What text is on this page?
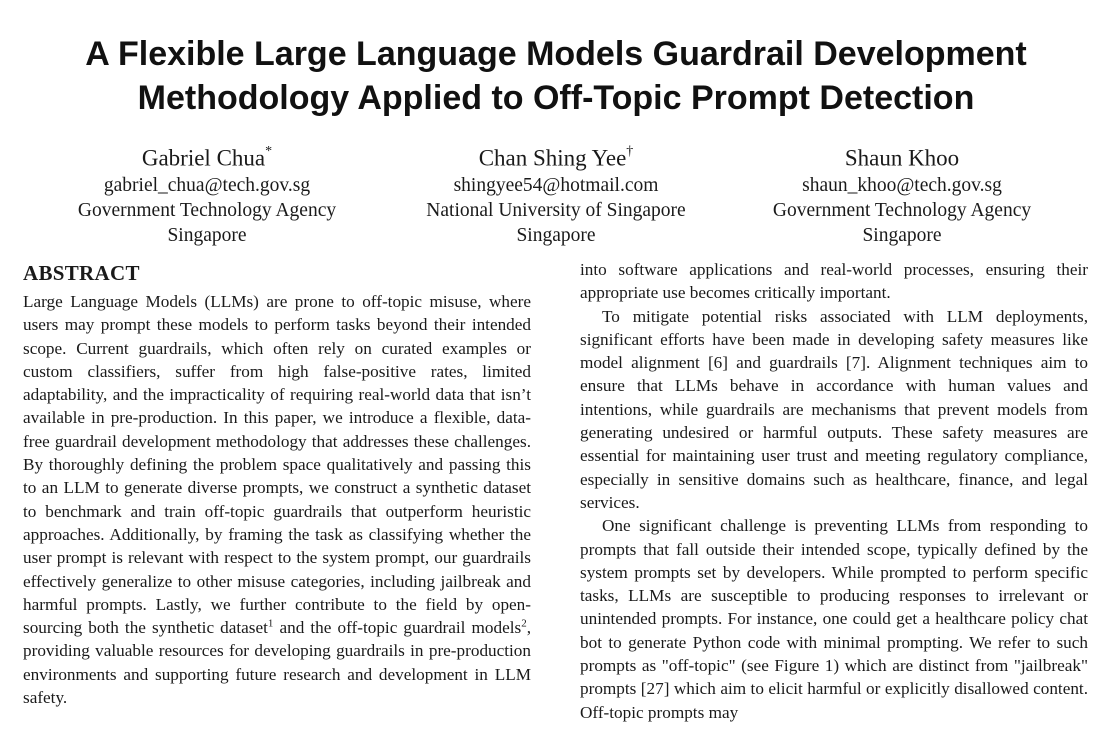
A Flexible Large Language Models Guardrail Development
Methodology Applied to Off-Topic Prompt Detection
Gabriel Chua*
gabriel_chua@tech.gov.sg
Government Technology Agency
Singapore
Chan Shing Yee†
shingyee54@hotmail.com
National University of Singapore
Singapore
Shaun Khoo
shaun_khoo@tech.gov.sg
Government Technology Agency
Singapore
ABSTRACT

Large Language Models (LLMs) are prone to off-topic misuse, where users may prompt these models to perform tasks beyond their intended scope. Current guardrails, which often rely on curated examples or custom classifiers, suffer from high false-positive rates, limited adaptability, and the impracticality of requiring real-world data that isn’t available in pre-production. In this paper, we introduce a flexible, data-free guardrail development methodology that addresses these challenges. By thoroughly defining the problem space qualitatively and passing this to an LLM to generate diverse prompts, we construct a synthetic dataset to benchmark and train off-topic guardrails that outperform heuristic approaches. Additionally, by framing the task as classifying whether the user prompt is relevant with respect to the system prompt, our guardrails effectively generalize to other misuse categories, including jailbreak and harmful prompts. Lastly, we further contribute to the field by open-sourcing both the synthetic dataset$^1$ and the off-topic guardrail models$^2$, providing valuable resources for developing guardrails in pre-production environments and supporting future research and development in LLM safety.

into software applications and real-world processes, ensuring their appropriate use becomes critically important.

To mitigate potential risks associated with LLM deployments, significant efforts have been made in developing safety measures like model alignment [6] and guardrails [7]. Alignment techniques aim to ensure that LLMs behave in accordance with human values and intentions, while guardrails are mechanisms that prevent models from generating undesired or harmful outputs. These safety measures are essential for maintaining user trust and meeting regulatory compliance, especially in sensitive domains such as healthcare, finance, and legal services.

One significant challenge is preventing LLMs from responding to prompts that fall outside their intended scope, typically defined by the system prompts set by developers. While prompted to perform specific tasks, LLMs are susceptible to producing responses to irrelevant or unintended prompts. For instance, one could get a healthcare policy chat bot to generate Python code with minimal prompting. We refer to such prompts as "off-topic" (see Figure 1) which are distinct from "jailbreak" prompts [27] which aim to elicit harmful or explicitly disallowed content. Off-topic prompts may
